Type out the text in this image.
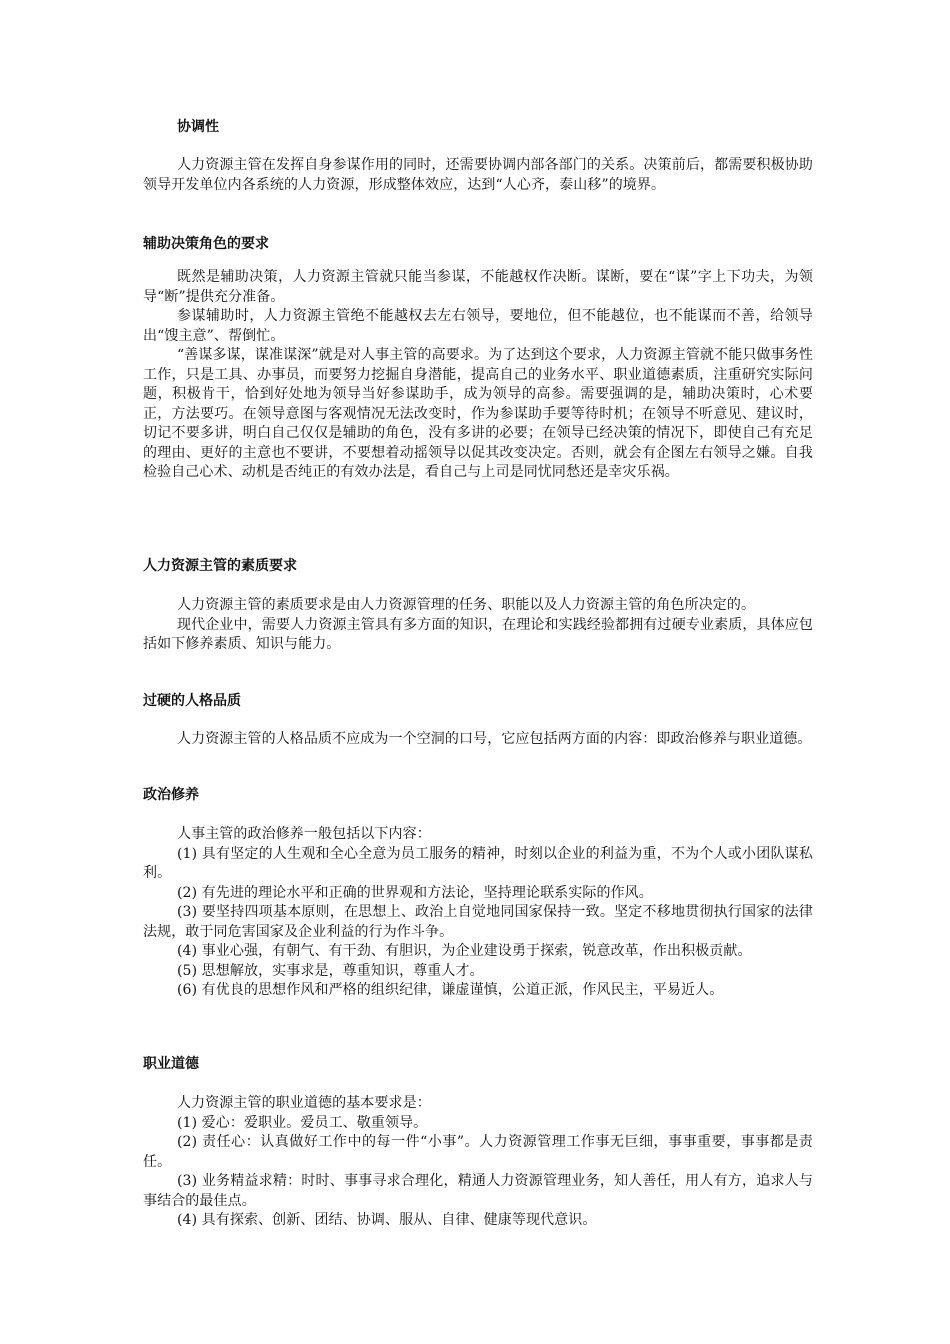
协调性

人力资源主管在发挥自身参谋作用的同时，还需要协调内部各部门的关系。决策前后，都需要积极协助领导开发单位内各系统的人力资源，形成整体效应，达到“人心齐，泰山移”的境界。

辅助决策角色的要求

既然是辅助决策，人力资源主管就只能当参谋，不能越权作决断。谋断，要在“谋”字上下功夫，为领导“断”提供充分准备。

参谋辅助时，人力资源主管绝不能越权去左右领导，要地位，但不能越位，也不能谋而不善，给领导出“馊主意”、帮倒忙。

“善谋多谋，谋准谋深”就是对人事主管的高要求。为了达到这个要求，人力资源主管就不能只做事务性工作，只是工具、办事员，而要努力挖掘自身潜能，提高自己的业务水平、职业道德素质，注重研究实际问题，积极肯干，恰到好处地为领导当好参谋助手，成为领导的高参。需要强调的是，辅助决策时，心术要正，方法要巧。在领导意图与客观情况无法改变时，作为参谋助手要等待时机；在领导不听意见、建议时，切记不要多讲，明白自己仅仅是辅助的角色，没有多讲的必要；在领导已经决策的情况下，即使自己有充足的理由、更好的主意也不要讲，不要想着动摇领导以促其改变决定。否则，就会有企图左右领导之嫌。自我检验自己心术、动机是否纯正的有效办法是，看自己与上司是同忧同愁还是幸灾乐祸。

人力资源主管的素质要求

人力资源主管的素质要求是由人力资源管理的任务、职能以及人力资源主管的角色所决定的。

现代企业中，需要人力资源主管具有多方面的知识，在理论和实践经验都拥有过硬专业素质，具体应包括如下修养素质、知识与能力。

过硬的人格品质

人力资源主管的人格品质不应成为一个空洞的口号，它应包括两方面的内容：即政治修养与职业道德。

政治修养

人事主管的政治修养一般包括以下内容：

(1) 具有坚定的人生观和全心全意为员工服务的精神，时刻以企业的利益为重，不为个人或小团队谋私利。

(2) 有先进的理论水平和正确的世界观和方法论，坚持理论联系实际的作风。

(3) 要坚持四项基本原则，在思想上、政治上自觉地同国家保持一致。坚定不移地贯彻执行国家的法律法规，敢于同危害国家及企业利益的行为作斗争。

(4) 事业心强，有朝气、有干劲、有胆识，为企业建设勇于探索，锐意改革，作出积极贡献。

(5) 思想解放，实事求是，尊重知识，尊重人才。

(6) 有优良的思想作风和严格的组织纪律，谦虚谨慎，公道正派，作风民主，平易近人。

职业道德

人力资源主管的职业道德的基本要求是：

(1) 爱心：爱职业。爱员工、敬重领导。

(2) 责任心：认真做好工作中的每一件“小事”。人力资源管理工作事无巨细，事事重要，事事都是责任。

(3) 业务精益求精：时时、事事寻求合理化，精通人力资源管理业务，知人善任，用人有方，追求人与事结合的最佳点。

(4) 具有探索、创新、团结、协调、服从、自律、健康等现代意识。
